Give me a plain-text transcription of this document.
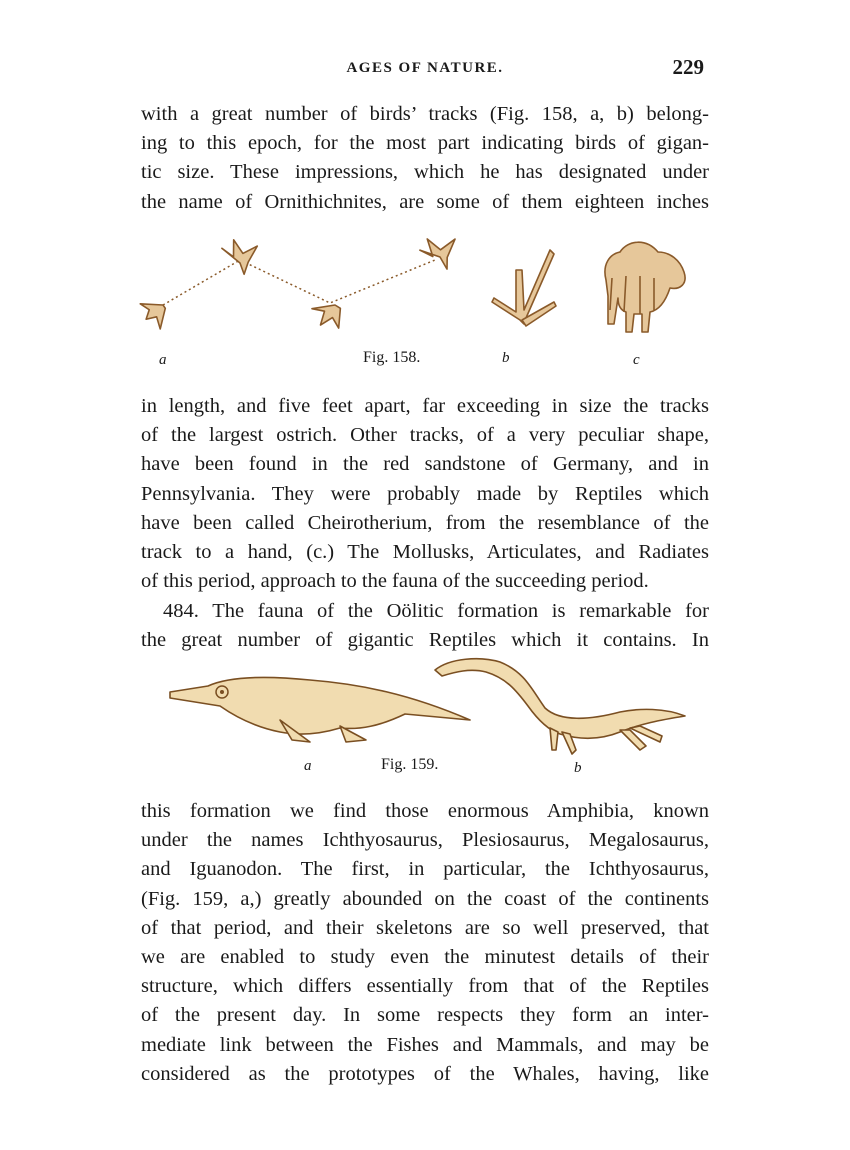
AGES OF NATURE.	229
with a great number of birds’ tracks (Fig. 158, a, b) belong-
ing to this epoch, for the most part indicating birds of gigan-
tic size. These impressions, which he has designated under
the name of Ornithichnites, are some of them eighteen inches
a	Fig. 158.	b	c
in length, and five feet apart, far exceeding in size the tracks
of the largest ostrich. Other tracks, of a very peculiar shape,
have been found in the red sandstone of Germany, and in
Pennsylvania. They were probably made by Reptiles which
have been called Cheirotherium, from the resemblance of the
track to a hand, (c.) The Mollusks, Articulates, and Radiates
of this period, approach to the fauna of the succeeding period.
484. The fauna of the Oölitic formation is remarkable for
the great number of gigantic Reptiles which it contains. In
a	Fig. 159.	b
this formation we find those enormous Amphibia, known
under the names Ichthyosaurus, Plesiosaurus, Megalosaurus,
and Iguanodon. The first, in particular, the Ichthyosaurus,
(Fig. 159, a,) greatly abounded on the coast of the continents
of that period, and their skeletons are so well preserved, that
we are enabled to study even the minutest details of their
structure, which differs essentially from that of the Reptiles
of the present day. In some respects they form an inter-
mediate link between the Fishes and Mammals, and may be
considered as the prototypes of the Whales, having, like
